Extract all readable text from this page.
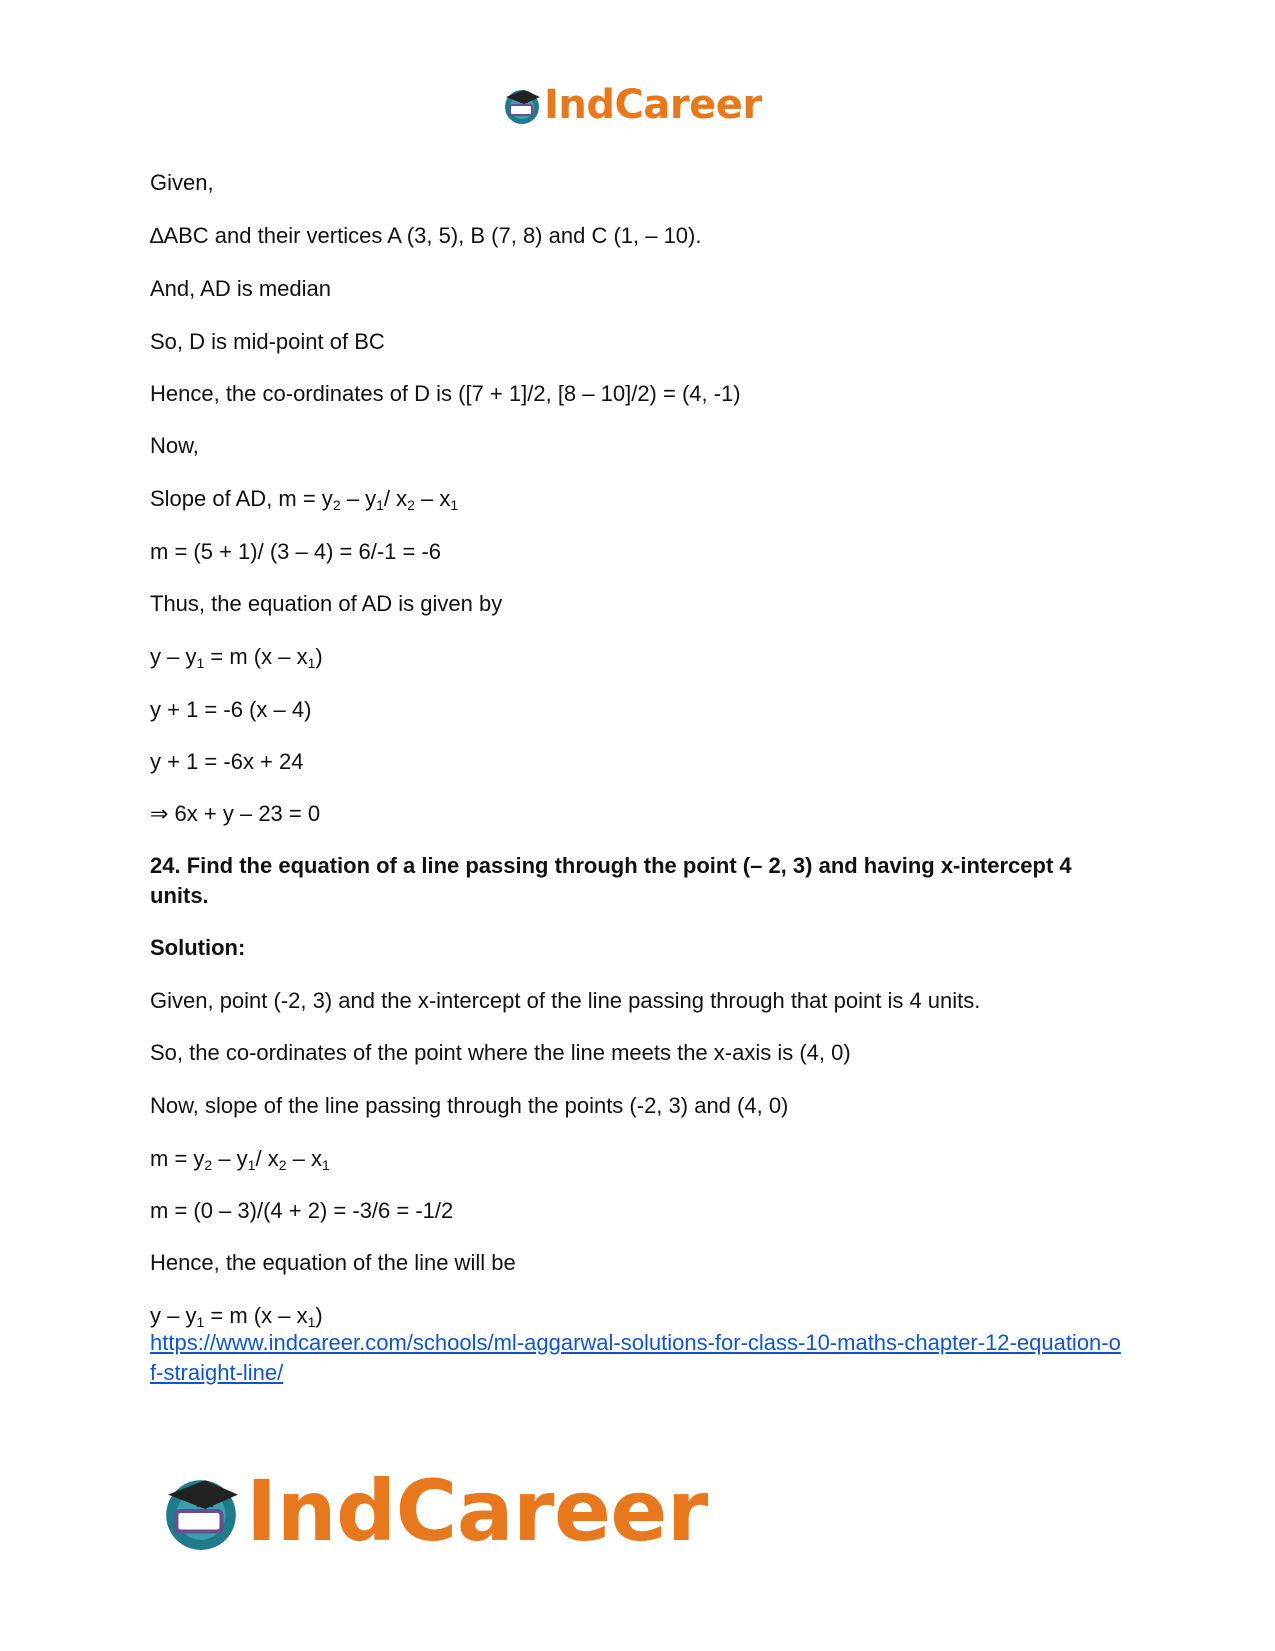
IndCareer
Given,
∆ABC and their vertices A (3, 5), B (7, 8) and C (1, – 10).
And, AD is median
So, D is mid-point of BC
Hence, the co-ordinates of D is ([7 + 1]/2, [8 – 10]/2) = (4, -1)
Now,
Slope of AD, $m = y_2 - y_1/$ $x_2 - x_1$
m = (5 + 1)/ (3 – 4) = 6/-1 = -6
Thus, the equation of AD is given by
$y - y_1 = m$ $(x - x_1)$
y + 1 = -6 (x – 4)
y + 1 = -6x + 24
⇒ 6x + y – 23 = 0
24. Find the equation of a line passing through the point (– 2, 3) and having x-intercept 4 units.
Solution:
Given, point (-2, 3) and the x-intercept of the line passing through that point is 4 units.
So, the co-ordinates of the point where the line meets the x-axis is (4, 0)
Now, slope of the line passing through the points (-2, 3) and (4, 0)
$m = y_2 - y_1/$ $x_2 - x_1$
m = (0 – 3)/(4 + 2) = -3/6 = -1/2
Hence, the equation of the line will be
$y - y_1 = m$ $(x - x_1)$
https://www.indcareer.com/schools/ml-aggarwal-solutions-for-class-10-maths-chapter-12-equation-of-straight-line/
IndCareer
